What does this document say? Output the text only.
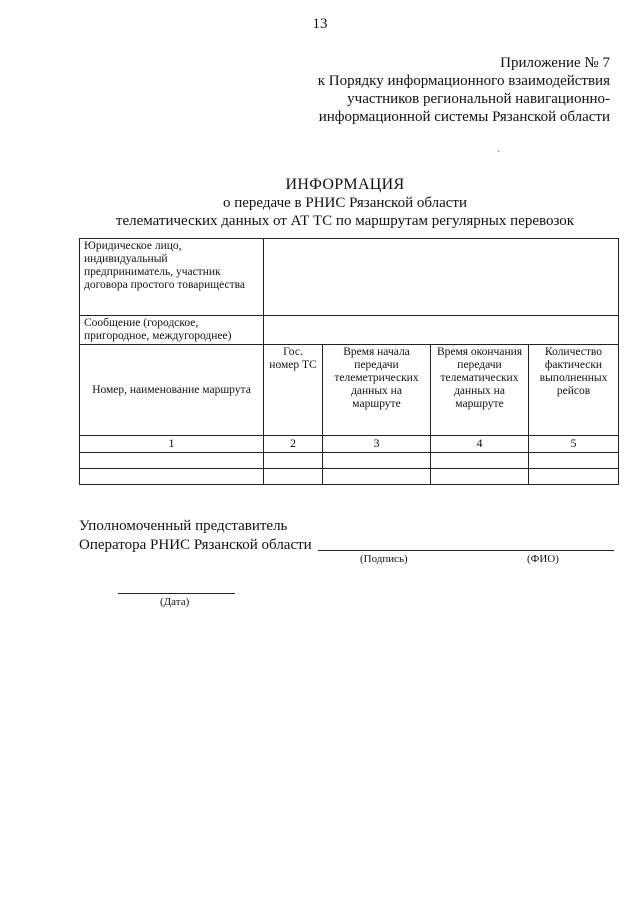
13
Приложение № 7
к Порядку информационного взаимодействия
участников региональной навигационно-
информационной системы Рязанской области
`
ИНФОРМАЦИЯ
о передаче в РНИС Рязанской области
телематических данных от АТ ТС по маршрутам регулярных перевозок
Юридическое лицо, индивидуальный предприниматель, участник договора простого товарищества				
Сообщение (городское, пригородное, междугороднее)				
Номер, наименование маршрута	Гос. номер ТС	Время начала передачи телеметрических данных на маршруте	Время окончания передачи телематических данных на маршруте	Количество фактически выполненных рейсов
1	2	3	4	5

Уполномоченный представитель
Оператора РНИС Рязанской области
(Подпись)	(ФИО)
(Дата)
